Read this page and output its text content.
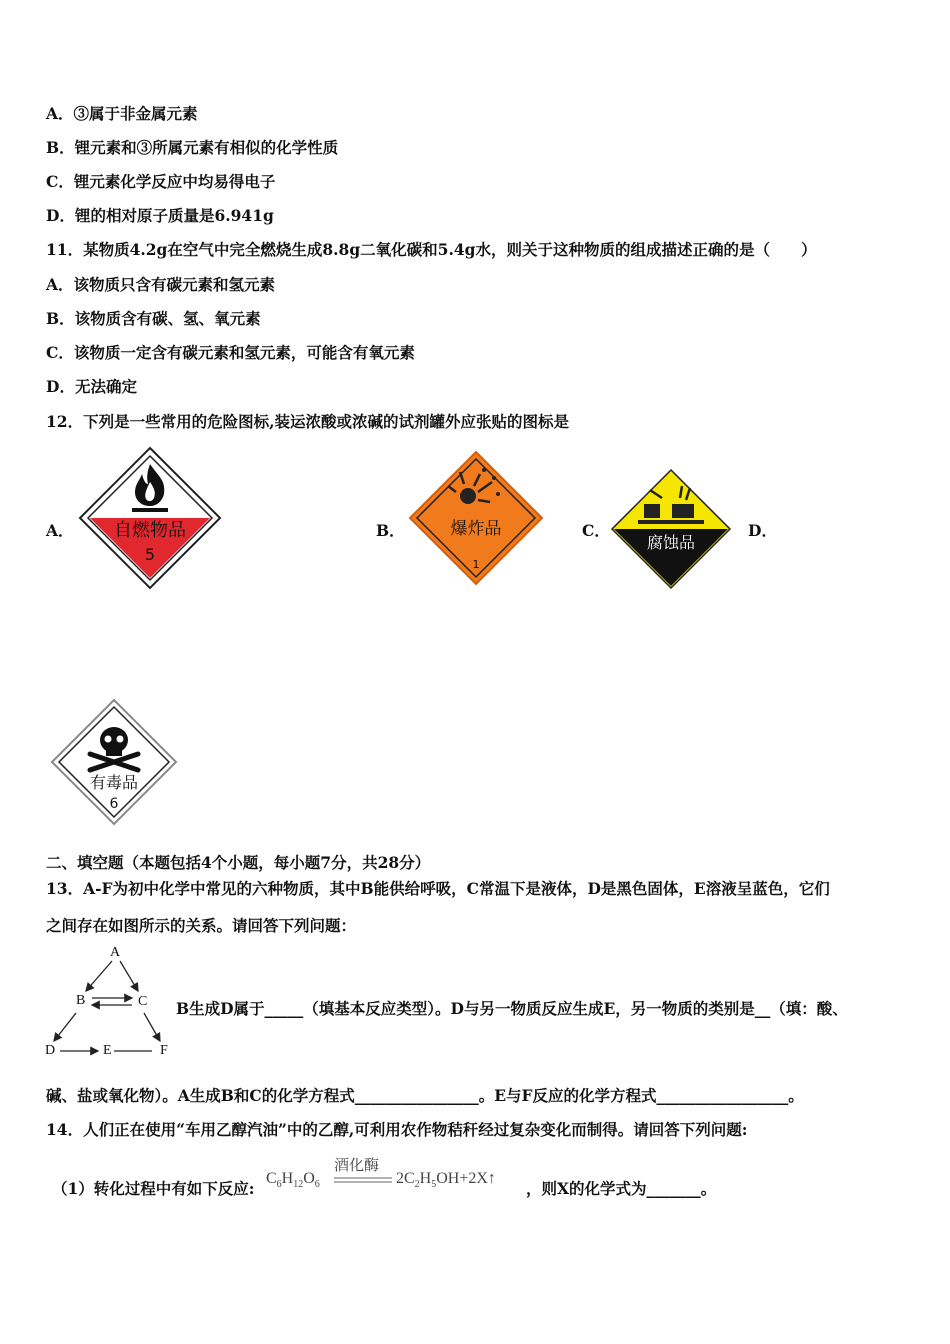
A．③属于非金属元素
B．锂元素和③所属元素有相似的化学性质
C．锂元素化学反应中均易得电子
D．锂的相对原子质量是6.941g
11．某物质4.2g在空气中完全燃烧生成8.8g二氧化碳和5.4g水，则关于这种物质的组成描述正确的是（　　）
A．该物质只含有碳元素和氢元素
B．该物质含有碳、氢、氧元素
C．该物质一定含有碳元素和氢元素，可能含有氧元素
D．无法确定
12．下列是一些常用的危险图标,装运浓酸或浓碱的试剂罐外应张贴的图标是
A．	B．	C．	D．
自燃物品
5
爆炸品
1
腐蚀品
有毒品
6
二、填空题（本题包括4个小题，每小题7分，共28分）
13．A-F为初中化学中常见的六种物质，其中B能供给呼吸，C常温下是液体，D是黑色固体，E溶液呈蓝色，它们
之间存在如图所示的关系。请回答下列问题：
A
B	C
D	E	F
B生成D属于_____（填基本反应类型）。D与另一物质反应生成E，另一物质的类别是__（填：酸、
碱、盐或氧化物）。A生成B和C的化学方程式________________。E与F反应的化学方程式_________________。
14．人们正在使用“车用乙醇汽油”中的乙醇,可利用农作物秸秆经过复杂变化而制得。请回答下列问题:
（1）转化过程中有如下反应:
$C_6H_{12}O_6$
酒化酶
$2C_2H_5OH+2X↑$
，则X的化学式为_______。
